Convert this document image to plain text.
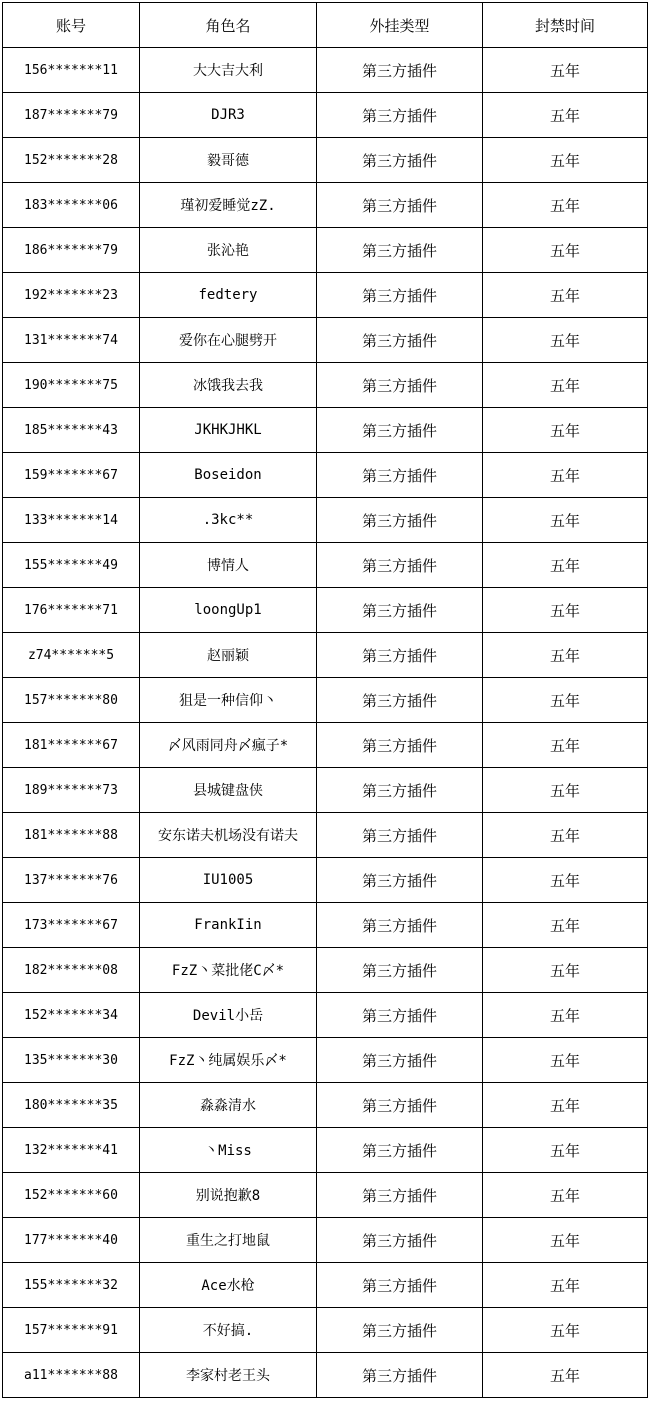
账号	角色名	外挂类型	封禁时间
156*******11	大大吉大利	第三方插件	五年
187*******79	DJR3	第三方插件	五年
152*******28	毅哥德	第三方插件	五年
183*******06	瑾初爱睡觉zZ.	第三方插件	五年
186*******79	张沁艳	第三方插件	五年
192*******23	fedtery	第三方插件	五年
131*******74	爱你在心腿劈开	第三方插件	五年
190*******75	冰饿我去我	第三方插件	五年
185*******43	JKHKJHKL	第三方插件	五年
159*******67	Boseidon	第三方插件	五年
133*******14	.3kc**	第三方插件	五年
155*******49	博情人	第三方插件	五年
176*******71	loongUp1	第三方插件	五年
z74*******5	赵丽颖	第三方插件	五年
157*******80	狙是一种信仰丶	第三方插件	五年
181*******67	〆风雨同舟〆瘋子*	第三方插件	五年
189*******73	县城键盘侠	第三方插件	五年
181*******88	安东诺夫机场没有诺夫	第三方插件	五年
137*******76	IU1005	第三方插件	五年
173*******67	FrankIin	第三方插件	五年
182*******08	FzZ丶菜批佬C〆*	第三方插件	五年
152*******34	Devil小岳	第三方插件	五年
135*******30	FzZ丶纯属娱乐〆*	第三方插件	五年
180*******35	淼淼清水	第三方插件	五年
132*******41	丶Miss	第三方插件	五年
152*******60	别说抱歉8	第三方插件	五年
177*******40	重生之打地鼠	第三方插件	五年
155*******32	Ace水枪	第三方插件	五年
157*******91	不好搞.	第三方插件	五年
a11*******88	李家村老王头	第三方插件	五年
